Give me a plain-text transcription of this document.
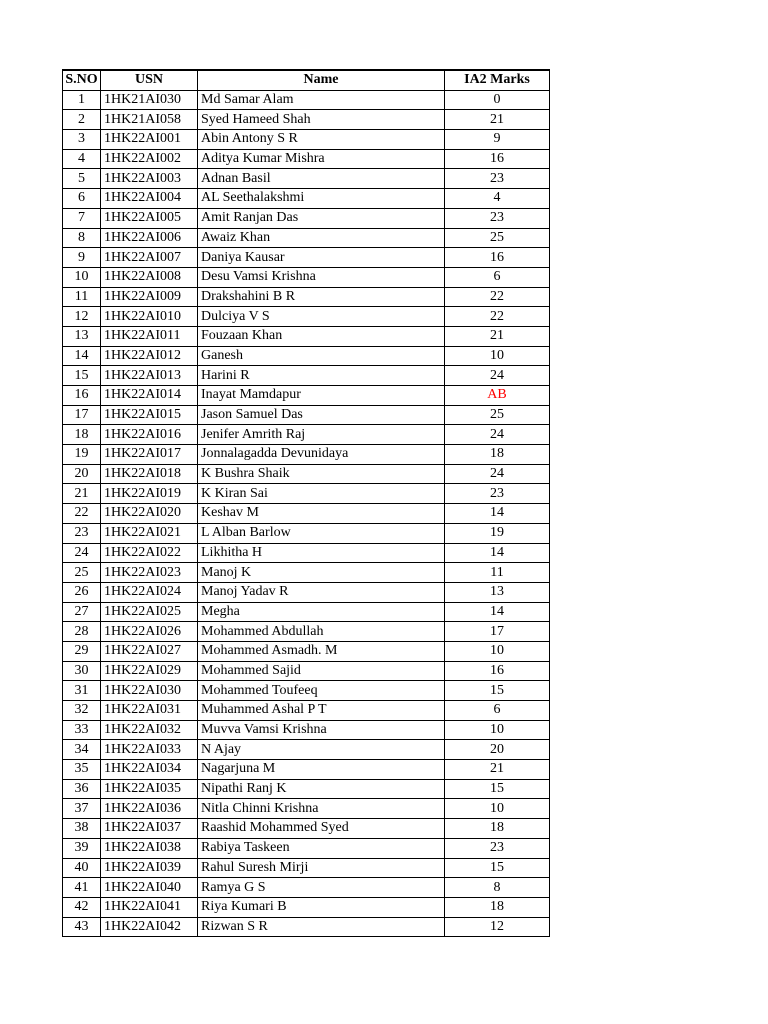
S.NO	USN	Name	IA2 Marks
1	1HK21AI030	Md Samar Alam	0
2	1HK21AI058	Syed Hameed Shah	21
3	1HK22AI001	Abin Antony S R	9
4	1HK22AI002	Aditya Kumar Mishra	16
5	1HK22AI003	Adnan Basil	23
6	1HK22AI004	AL Seethalakshmi	4
7	1HK22AI005	Amit Ranjan Das	23
8	1HK22AI006	Awaiz Khan	25
9	1HK22AI007	Daniya Kausar	16
10	1HK22AI008	Desu Vamsi Krishna	6
11	1HK22AI009	Drakshahini B R	22
12	1HK22AI010	Dulciya V S	22
13	1HK22AI011	Fouzaan Khan	21
14	1HK22AI012	Ganesh	10
15	1HK22AI013	Harini R	24
16	1HK22AI014	Inayat Mamdapur	AB
17	1HK22AI015	Jason Samuel Das	25
18	1HK22AI016	Jenifer Amrith Raj	24
19	1HK22AI017	Jonnalagadda Devunidaya	18
20	1HK22AI018	K Bushra Shaik	24
21	1HK22AI019	K Kiran Sai	23
22	1HK22AI020	Keshav M	14
23	1HK22AI021	L Alban Barlow	19
24	1HK22AI022	Likhitha H	14
25	1HK22AI023	Manoj K	11
26	1HK22AI024	Manoj Yadav R	13
27	1HK22AI025	Megha	14
28	1HK22AI026	Mohammed Abdullah	17
29	1HK22AI027	Mohammed Asmadh. M	10
30	1HK22AI029	Mohammed Sajid	16
31	1HK22AI030	Mohammed Toufeeq	15
32	1HK22AI031	Muhammed Ashal P T	6
33	1HK22AI032	Muvva Vamsi Krishna	10
34	1HK22AI033	N Ajay	20
35	1HK22AI034	Nagarjuna M	21
36	1HK22AI035	Nipathi Ranj K	15
37	1HK22AI036	Nitla Chinni Krishna	10
38	1HK22AI037	Raashid Mohammed Syed	18
39	1HK22AI038	Rabiya Taskeen	23
40	1HK22AI039	Rahul Suresh Mirji	15
41	1HK22AI040	Ramya G S	8
42	1HK22AI041	Riya Kumari B	18
43	1HK22AI042	Rizwan S R	12
